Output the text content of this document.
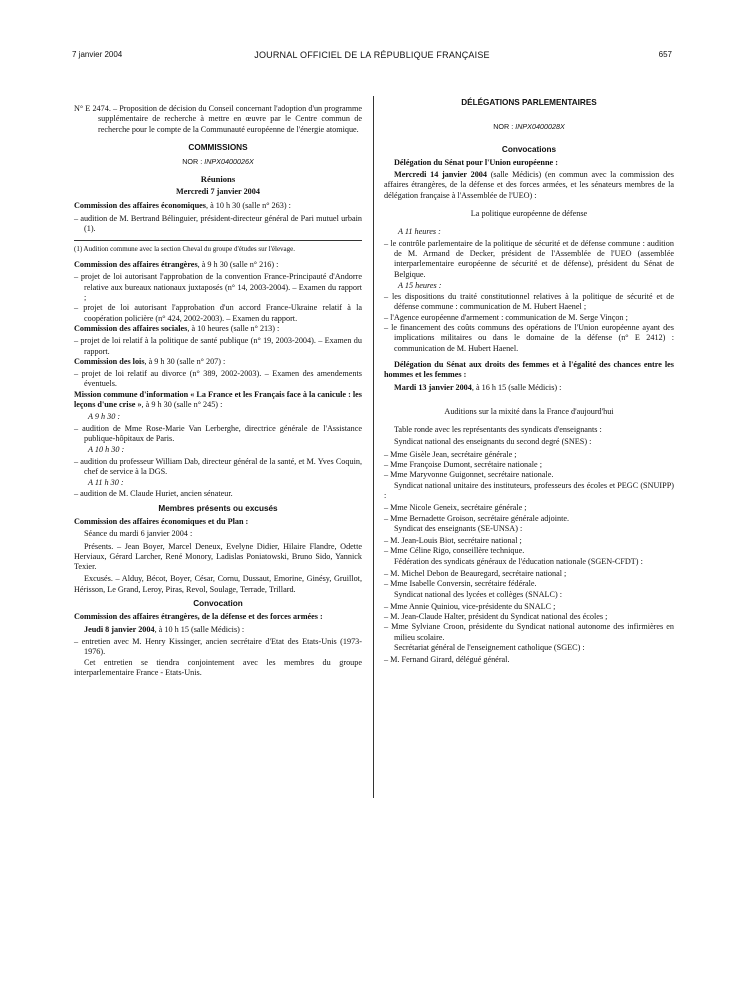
7 janvier 2004	JOURNAL OFFICIEL DE LA RÉPUBLIQUE FRANÇAISE	657

N° E 2474. – Proposition de décision du Conseil concernant l'adoption d'un programme supplémentaire de recherche à mettre en œuvre par le Centre commun de recherche pour le compte de la Communauté européenne de l'énergie atomique.

COMMISSIONS
NOR : INPX0400026X
Réunions
Mercredi 7 janvier 2004

Commission des affaires économiques, à 10 h 30 (salle n° 263) :

– audition de M. Bertrand Bélinguier, président-directeur général de Pari mutuel urbain (1).

(1) Audition commune avec la section Cheval du groupe d'études sur l'élevage.

Commission des affaires étrangères, à 9 h 30 (salle n° 216) :

– projet de loi autorisant l'approbation de la convention France-Principauté d'Andorre relative aux bureaux nationaux juxtaposés (n° 14, 2003-2004). – Examen du rapport ;

– projet de loi autorisant l'approbation d'un accord France-Ukraine relatif à la coopération policière (n° 424, 2002-2003). – Examen du rapport.

Commission des affaires sociales, à 10 heures (salle n° 213) :

– projet de loi relatif à la politique de santé publique (n° 19, 2003-2004). – Examen du rapport.

Commission des lois, à 9 h 30 (salle n° 207) :

– projet de loi relatif au divorce (n° 389, 2002-2003). – Examen des amendements éventuels.

Mission commune d'information « La France et les Français face à la canicule : les leçons d'une crise », à 9 h 30 (salle n° 245) :

A 9 h 30 :

– audition de Mme Rose-Marie Van Lerberghe, directrice générale de l'Assistance publique-hôpitaux de Paris.

A 10 h 30 :

– audition du professeur William Dab, directeur général de la santé, et M. Yves Coquin, chef de service à la DGS.

A 11 h 30 :

– audition de M. Claude Huriet, ancien sénateur.

Membres présents ou excusés

Commission des affaires économiques et du Plan :

Séance du mardi 6 janvier 2004 :

Présents. – Jean Boyer, Marcel Deneux, Evelyne Didier, Hilaire Flandre, Odette Herviaux, Gérard Larcher, René Monory, Ladislas Poniatowski, Bruno Sido, Yannick Texier.

Excusés. – Alduy, Bécot, Boyer, César, Cornu, Dussaut, Emorine, Ginésy, Gruillot, Hérisson, Le Grand, Leroy, Piras, Revol, Soulage, Terrade, Trillard.

Convocation

Commission des affaires étrangères, de la défense et des forces armées :

Jeudi 8 janvier 2004, à 10 h 15 (salle Médicis) :

– entretien avec M. Henry Kissinger, ancien secrétaire d'Etat des Etats-Unis (1973-1976).

Cet entretien se tiendra conjointement avec les membres du groupe interparlementaire France - Etats-Unis.

DÉLÉGATIONS PARLEMENTAIRES
NOR : INPX0400028X
Convocations

Délégation du Sénat pour l'Union européenne :

Mercredi 14 janvier 2004 (salle Médicis) (en commun avec la commission des affaires étrangères, de la défense et des forces armées, et les sénateurs membres de la délégation française à l'Assemblée de l'UEO) :

La politique européenne de défense

A 11 heures :

– le contrôle parlementaire de la politique de sécurité et de défense commune : audition de M. Armand de Decker, président de l'Assemblée de l'UEO (assemblée interparlementaire européenne de sécurité et de défense), président du Sénat de Belgique.

A 15 heures :

– les dispositions du traité constitutionnel relatives à la politique de sécurité et de défense commune : communication de M. Hubert Haenel ;

– l'Agence européenne d'armement : communication de M. Serge Vinçon ;

– le financement des coûts communs des opérations de l'Union européenne ayant des implications militaires ou dans le domaine de la défense (n° E 2412) : communication de M. Hubert Haenel.

Délégation du Sénat aux droits des femmes et à l'égalité des chances entre les hommes et les femmes :

Mardi 13 janvier 2004, à 16 h 15 (salle Médicis) :

Auditions sur la mixité dans la France d'aujourd'hui

Table ronde avec les représentants des syndicats d'enseignants :

Syndicat national des enseignants du second degré (SNES) :

– Mme Gisèle Jean, secrétaire générale ;

– Mme Françoise Dumont, secrétaire nationale ;

– Mme Maryvonne Guigonnet, secrétaire nationale.

Syndicat national unitaire des instituteurs, professeurs des écoles et PEGC (SNUIPP) :

– Mme Nicole Geneix, secrétaire générale ;

– Mme Bernadette Groison, secrétaire générale adjointe.

Syndicat des enseignants (SE-UNSA) :

– M. Jean-Louis Biot, secrétaire national ;

– Mme Céline Rigo, conseillère technique.

Fédération des syndicats généraux de l'éducation nationale (SGEN-CFDT) :

– M. Michel Debon de Beauregard, secrétaire national ;

– Mme Isabelle Conversin, secrétaire fédérale.

Syndicat national des lycées et collèges (SNALC) :

– Mme Annie Quiniou, vice-présidente du SNALC ;

– M. Jean-Claude Halter, président du Syndicat national des écoles ;

– Mme Sylviane Croon, présidente du Syndicat national autonome des infirmières en milieu scolaire.

Secrétariat général de l'enseignement catholique (SGEC) :

– M. Fernand Girard, délégué général.
